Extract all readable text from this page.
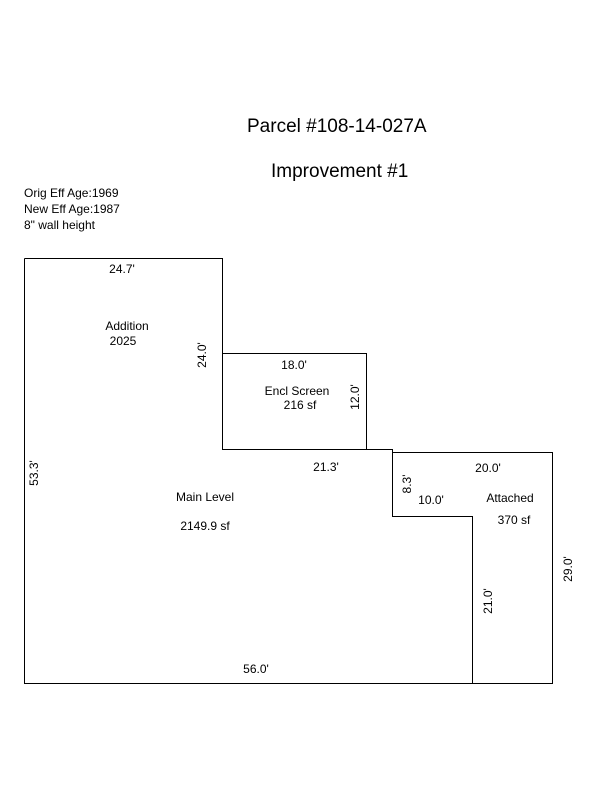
Parcel #108-14-027A
Improvement #1
Orig Eff Age:1969
New Eff Age:1987
8" wall height
24.7'
Addition
2025
24.0'	18.0'
Encl Screen
216 sf	12.0'
53.3'
Main Level
2149.9 sf
21.3'
56.0'
20.0'
8.3'
10.0'	Attached
370 sf
21.0'
29.0'
